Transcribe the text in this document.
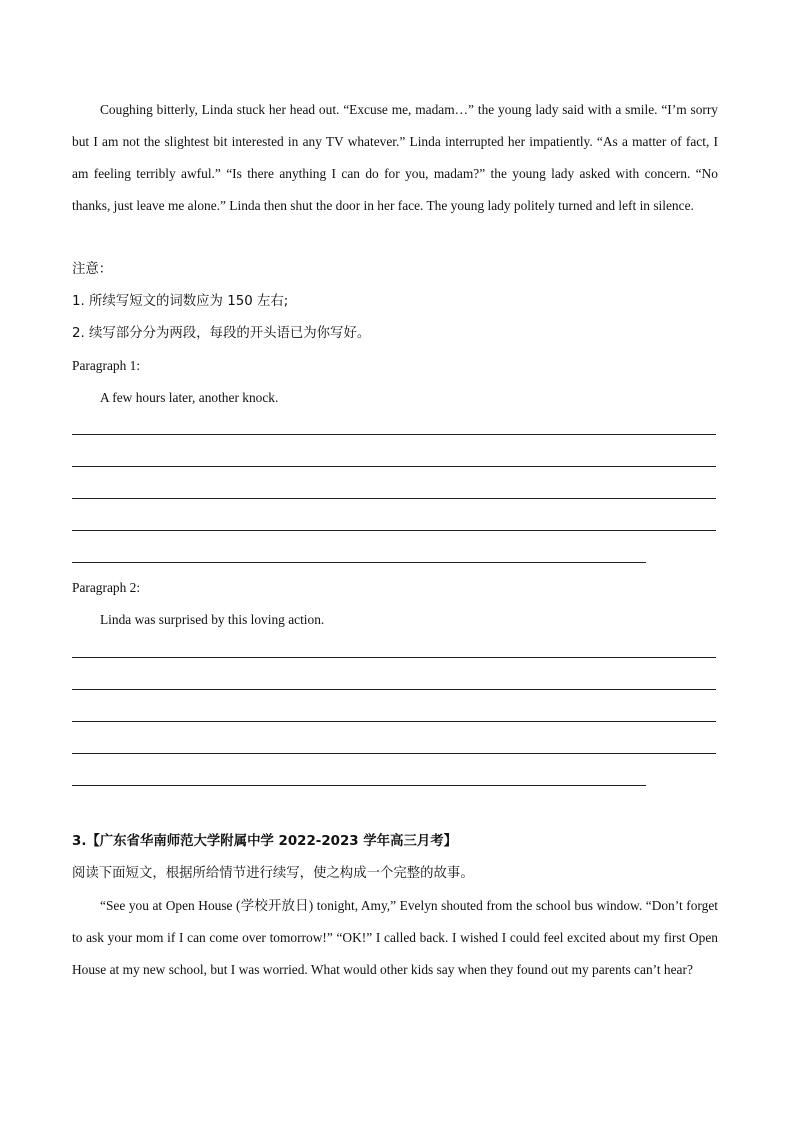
Coughing bitterly, Linda stuck her head out. “Excuse me, madam…” the young lady said with a smile. “I’m sorry but I am not the slightest bit interested in any TV whatever.” Linda interrupted her impatiently. “As a matter of fact, I am feeling terribly awful.” “Is there anything I can do for you, madam?” the young lady asked with concern. “No thanks, just leave me alone.” Linda then shut the door in her face. The young lady politely turned and left in silence.

注意：
1. 所续写短文的词数应为 150 左右;
2. 续写部分分为两段，每段的开头语已为你写好。
Paragraph 1:
A few hours later, another knock.
Paragraph 2:
Linda was surprised by this loving action.
3.【广东省华南师范大学附属中学 2022-2023 学年高三月考】
阅读下面短文，根据所给情节进行续写，使之构成一个完整的故事。

“See you at Open House (学校开放日) tonight, Amy,” Evelyn shouted from the school bus window. “Don’t forget to ask your mom if I can come over tomorrow!” “OK!” I called back. I wished I could feel excited about my first Open House at my new school, but I was worried. What would other kids say when they found out my parents can’t hear?
